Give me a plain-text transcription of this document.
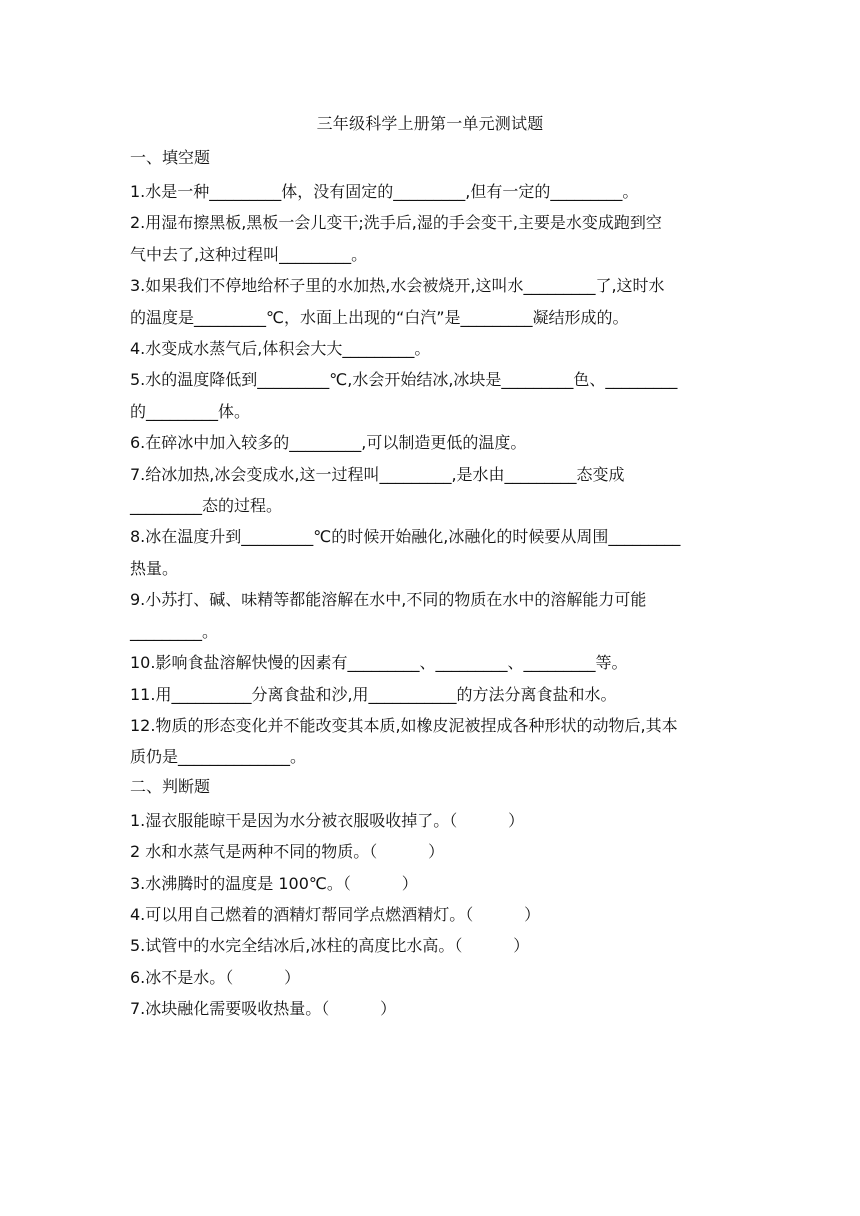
三年级科学上册第一单元测试题
一、填空题
1.水是一种_________体，没有固定的_________,但有一定的_________。
2.用湿布擦黑板,黑板一会儿变干;洗手后,湿的手会变干,主要是水变成跑到空
气中去了,这种过程叫_________。
3.如果我们不停地给杯子里的水加热,水会被烧开,这叫水_________了,这时水
的温度是_________℃，水面上出现的“白汽”是_________凝结形成的。
4.水变成水蒸气后,体积会大大_________。
5.水的温度降低到_________℃,水会开始结冰,冰块是_________色、_________
的_________体。
6.在碎冰中加入较多的_________,可以制造更低的温度。
7.给冰加热,冰会变成水,这一过程叫_________,是水由_________态变成
_________态的过程。
8.冰在温度升到_________℃的时候开始融化,冰融化的时候要从周围_________
热量。
9.小苏打、碱、味精等都能溶解在水中,不同的物质在水中的溶解能力可能
_________。
10.影响食盐溶解快慢的因素有_________、_________、_________等。
11.用__________分离食盐和沙,用___________的方法分离食盐和水。
12.物质的形态变化并不能改变其本质,如橡皮泥被捏成各种形状的动物后,其本
质仍是______________。
二、判断题
1.湿衣服能晾干是因为水分被衣服吸收掉了。（          ）
2 水和水蒸气是两种不同的物质。（          ）
3.水沸腾时的温度是 100℃。（          ）
4.可以用自己燃着的酒精灯帮同学点燃酒精灯。（          ）
5.试管中的水完全结冰后,冰柱的高度比水高。（          ）
6.冰不是水。（          ）
7.冰块融化需要吸收热量。（          ）
